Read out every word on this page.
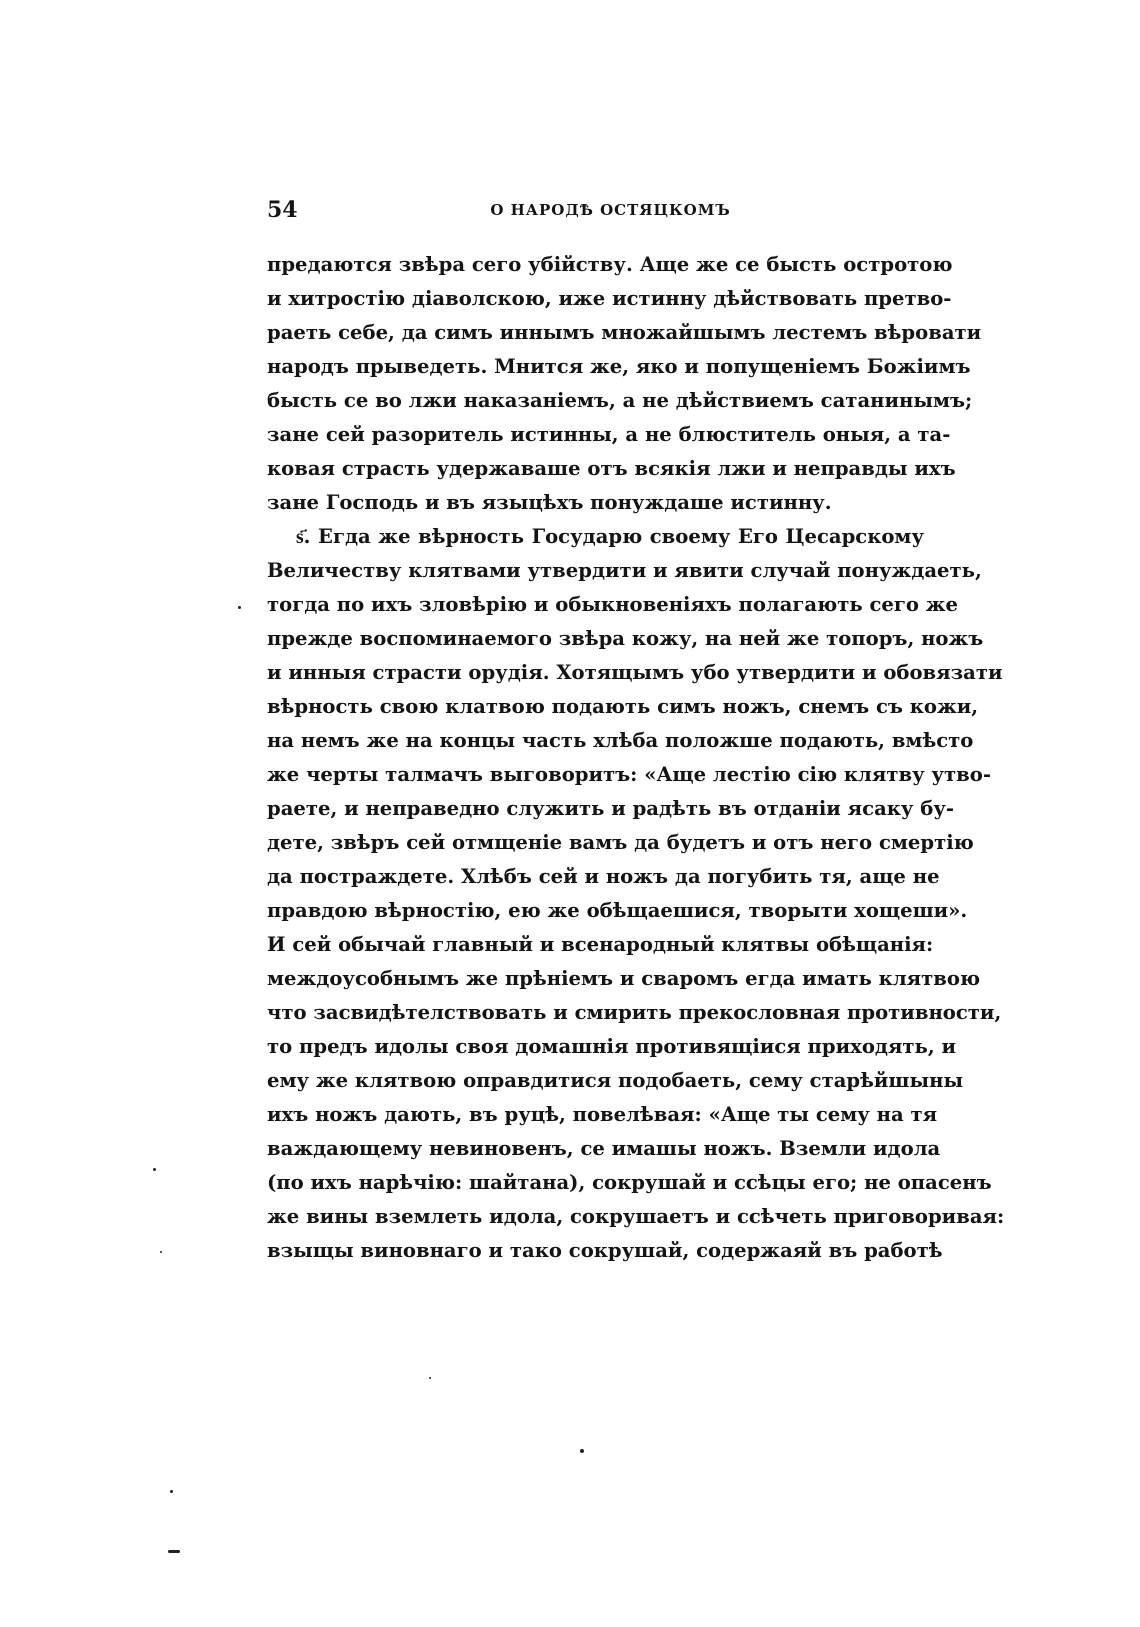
54	О НАРОДѢ ОСТЯЦКОМЪ
предаются звѣра сего убійству. Аще же се бысть остротою
и хитростію діаволскою, иже истинну дѣйствовать претво-
раеть себе, да симъ иннымъ множайшымъ лестемъ вѣровати
народъ прыведеть. Мнится же, яко и попущеніемъ Божіимъ
бысть се во лжи наказаніемъ, а не дѣйствиемъ сатанинымъ;
зане сей разоритель истинны, а не блюститель оныя, а та-
ковая страсть удержаваше отъ всякія лжи и неправды ихъ
зане Господь и въ языцѣхъ понуждаше истинну.
ѕ҃. Егда же вѣрность Государю своему Его Цесарскому
Величеству клятвами утвердити и явити случай понуждаеть,
тогда по ихъ зловѣрію и обыкновеніяхъ полагають сего же
прежде воспоминаемого звѣра кожу, на ней же топоръ, ножъ
и инныя страсти орудія. Хотящымъ убо утвердити и обовязати
вѣрность свою клатвою подають симъ ножъ, снемъ съ кожи,
на немъ же на концы часть хлѣба положше подають, вмѣсто
же черты талмачъ выговоритъ: «Аще лестію сію клятву утво-
раете, и неправедно служить и радѣть въ отданіи ясаку бу-
дете, звѣръ сей отмщеніе вамъ да будетъ и отъ него смертію
да постраждете. Хлѣбъ сей и ножъ да погубить тя, аще не
правдою вѣрностію, ею же обѣщаешися, творыти хощеши».
И сей обычай главный и всенародный клятвы обѣщанія:
междоусобнымъ же прѣніемъ и сваромъ егда имать клятвою
что засвидѣтелствовать и смирить прекословная противности,
то предъ идолы своя домашнія противящіися приходять, и
ему же клятвою оправдитися подобаеть, сему старѣйшыны
ихъ ножъ дають, въ руцѣ, повелѣвая: «Аще ты сему на тя
важдающему невиновенъ, се имашы ножъ. Вземли идола
(по ихъ нарѣчію: шайтана), сокрушай и ссѣцы его; не опасенъ
же вины вземлеть идола, сокрушаетъ и ссѣчеть приговоривая:
взыщы виновнаго и тако сокрушай, содержаяй въ работѣ
